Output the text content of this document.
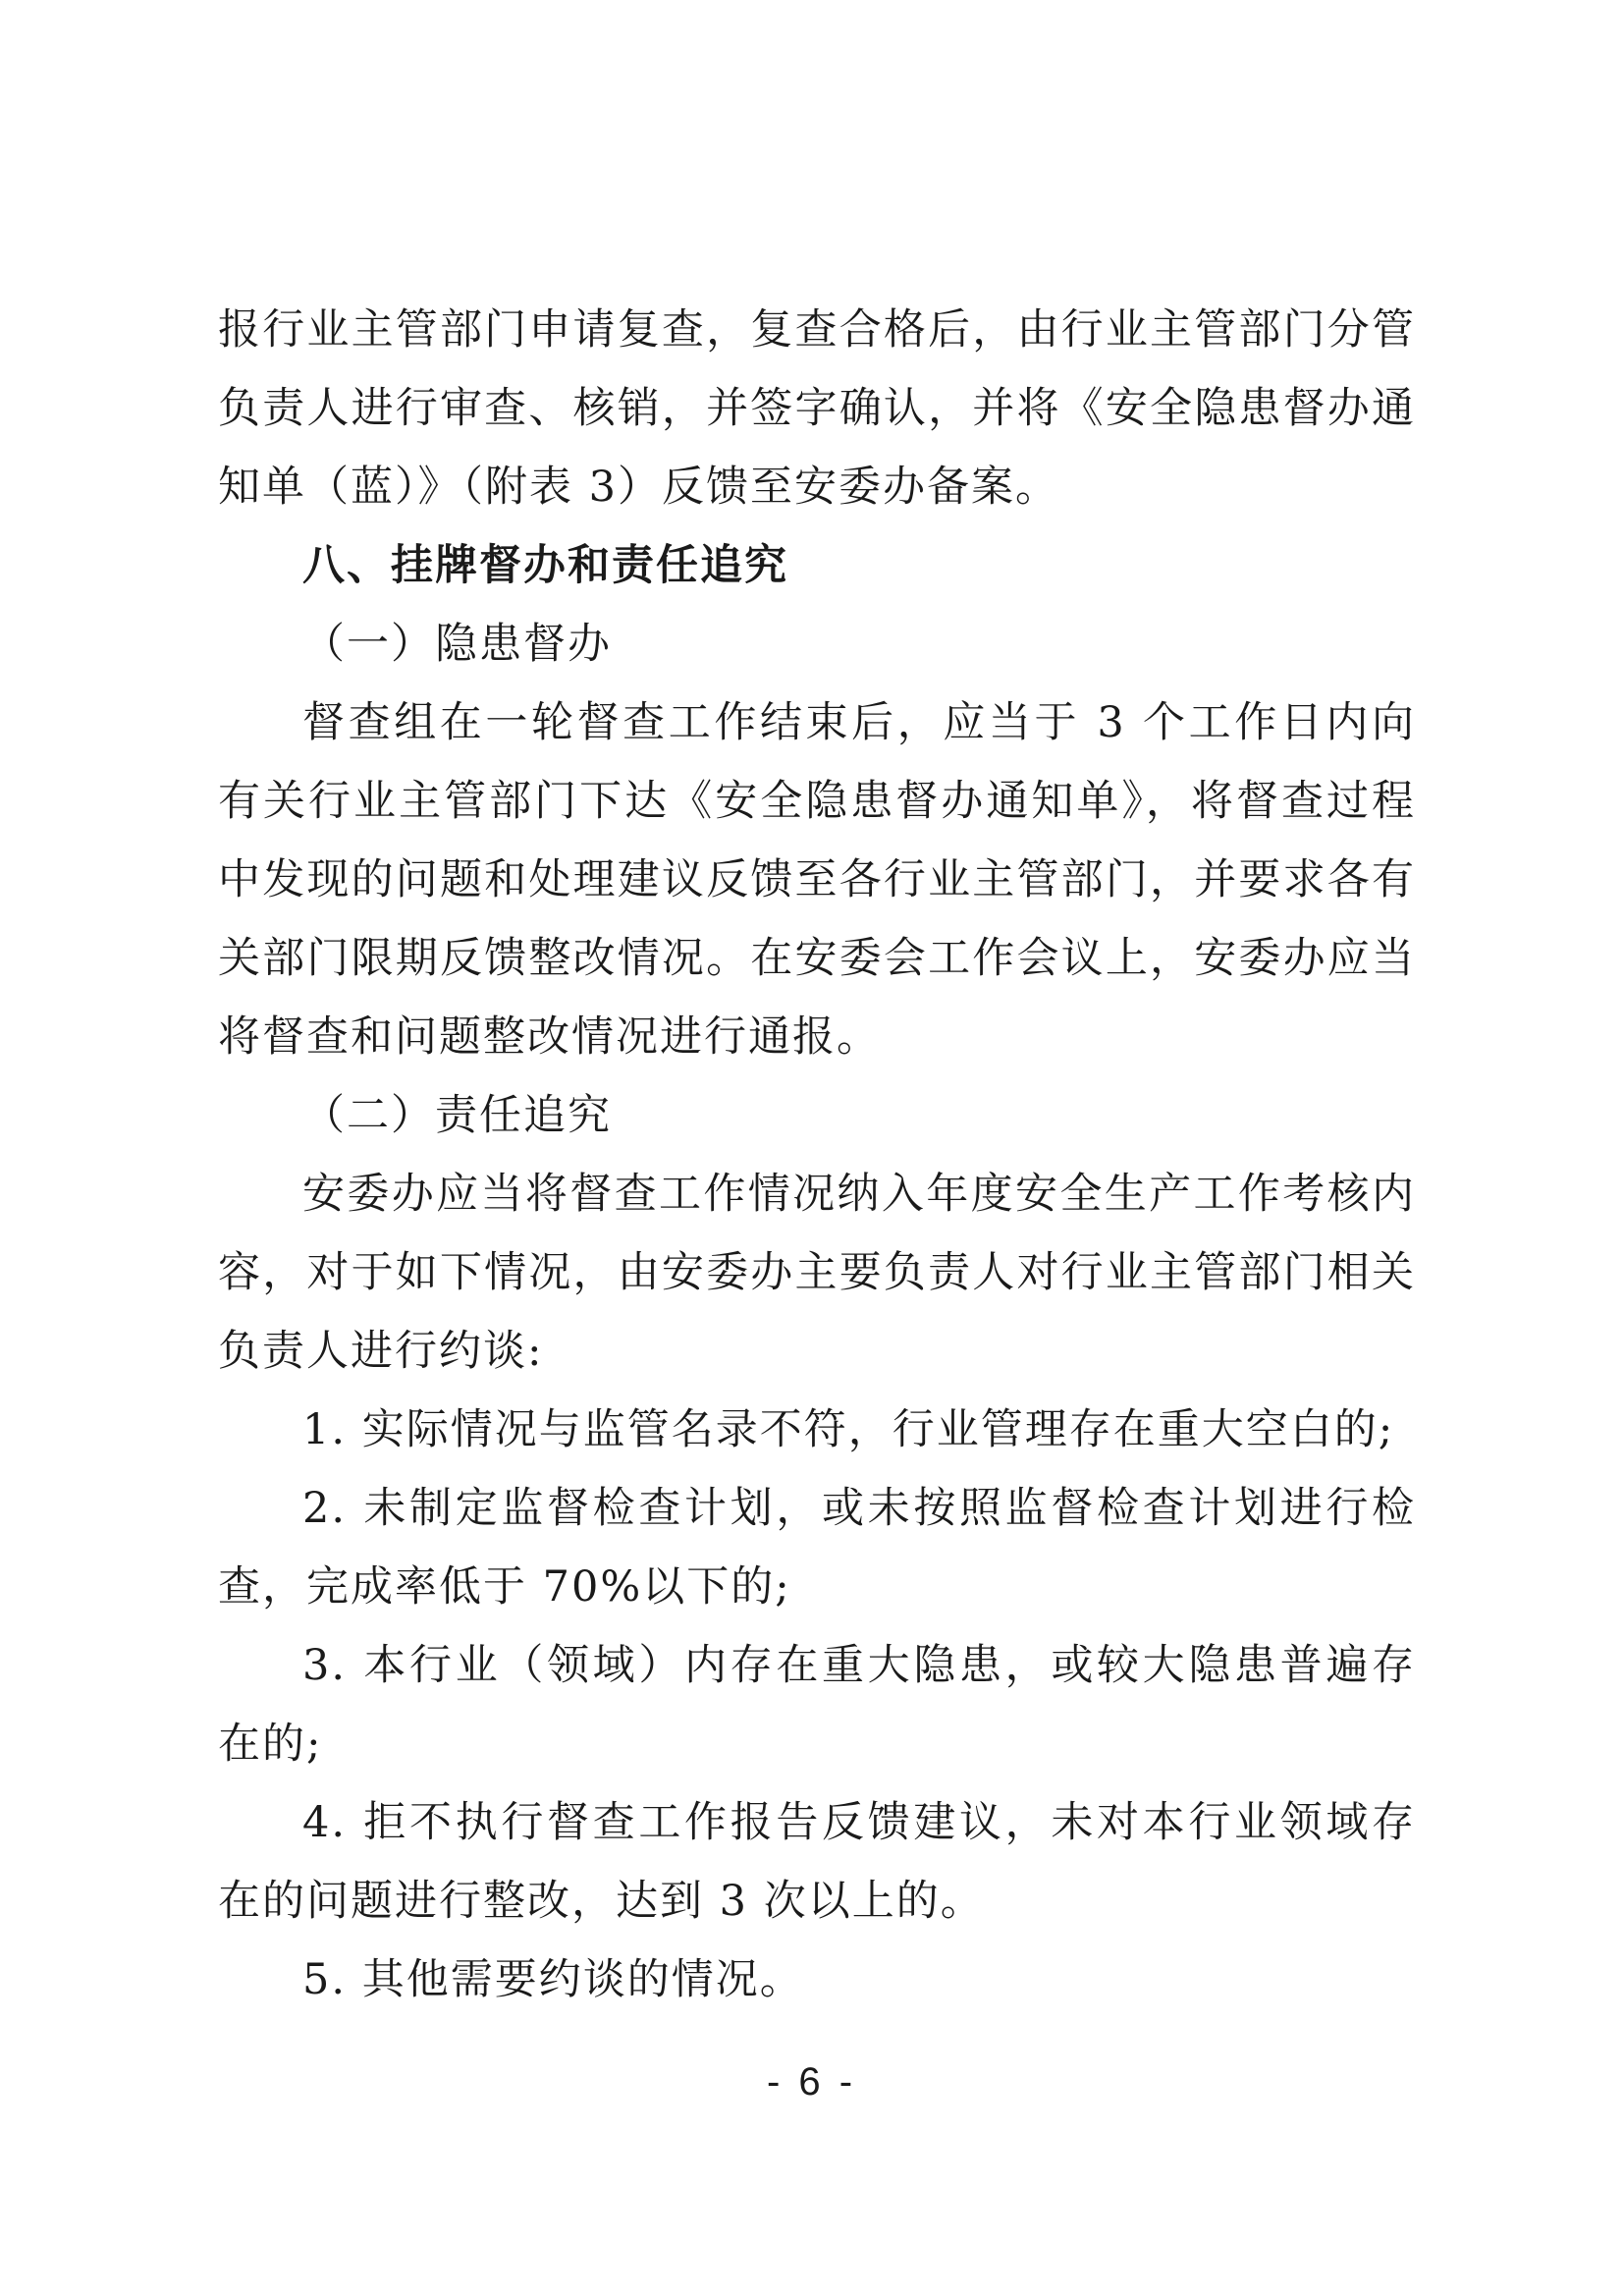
报行业主管部门申请复查，复查合格后，由行业主管部门分管负责人进行审查、核销，并签字确认，并将《安全隐患督办通知单（蓝）》（附表 3）反馈至安委办备案。

八、挂牌督办和责任追究

（一）隐患督办

督查组在一轮督查工作结束后，应当于 3 个工作日内向有关行业主管部门下达《安全隐患督办通知单》，将督查过程中发现的问题和处理建议反馈至各行业主管部门，并要求各有关部门限期反馈整改情况。在安委会工作会议上，安委办应当将督查和问题整改情况进行通报。

（二）责任追究

安委办应当将督查工作情况纳入年度安全生产工作考核内容，对于如下情况，由安委办主要负责人对行业主管部门相关负责人进行约谈:

1. 实际情况与监管名录不符，行业管理存在重大空白的;

2. 未制定监督检查计划，或未按照监督检查计划进行检查，完成率低于 70%以下的;

3. 本行业（领域）内存在重大隐患，或较大隐患普遍存在的;

4. 拒不执行督查工作报告反馈建议，未对本行业领域存在的问题进行整改，达到 3 次以上的。

5. 其他需要约谈的情况。

- 6 -
